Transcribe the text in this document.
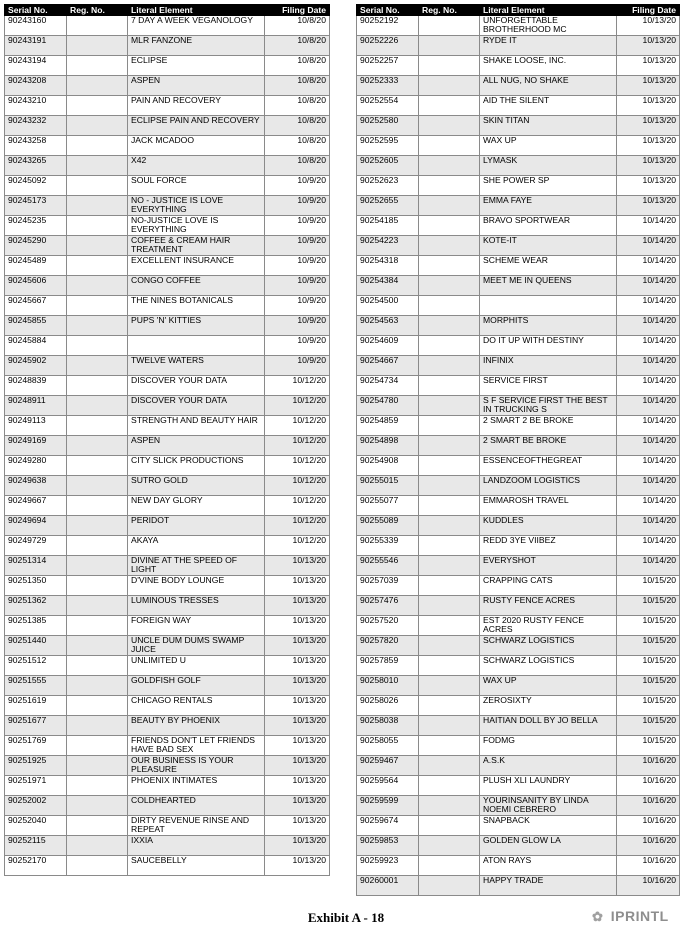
Serial No.	Reg. No.	Literal Element	Filing Date
90243160		7 DAY A WEEK VEGANOLOGY	10/8/20
90243191		MLR FANZONE	10/8/20
90243194		ECLIPSE	10/8/20
90243208		ASPEN	10/8/20
90243210		PAIN AND RECOVERY	10/8/20
90243232		ECLIPSE PAIN AND RECOVERY	10/8/20
90243258		JACK MCADOO	10/8/20
90243265		X42	10/8/20
90245092		SOUL FORCE	10/9/20
90245173		NO - JUSTICE IS LOVE EVERYTHING	10/9/20
90245235		NO-JUSTICE LOVE IS EVERYTHING	10/9/20
90245290		COFFEE & CREAM HAIR TREATMENT	10/9/20
90245489		EXCELLENT INSURANCE	10/9/20
90245606		CONGO COFFEE	10/9/20
90245667		THE NINES BOTANICALS	10/9/20
90245855		PUPS 'N' KITTIES	10/9/20
90245884			10/9/20
90245902		TWELVE WATERS	10/9/20
90248839		DISCOVER YOUR DATA	10/12/20
90248911		DISCOVER YOUR DATA	10/12/20
90249113		STRENGTH AND BEAUTY HAIR	10/12/20
90249169		ASPEN	10/12/20
90249280		CITY SLICK PRODUCTIONS	10/12/20
90249638		SUTRO GOLD	10/12/20
90249667		NEW DAY GLORY	10/12/20
90249694		PERIDOT	10/12/20
90249729		AKAYA	10/12/20
90251314		DIVINE AT THE SPEED OF LIGHT	10/13/20
90251350		D'VINE BODY LOUNGE	10/13/20
90251362		LUMINOUS TRESSES	10/13/20
90251385		FOREIGN WAY	10/13/20
90251440		UNCLE DUM DUMS SWAMP JUICE	10/13/20
90251512		UNLIMITED U	10/13/20
90251555		GOLDFISH GOLF	10/13/20
90251619		CHICAGO RENTALS	10/13/20
90251677		BEAUTY BY PHOENIX	10/13/20
90251769		FRIENDS DON'T LET FRIENDS HAVE BAD SEX	10/13/20
90251925		OUR BUSINESS IS YOUR PLEASURE	10/13/20
90251971		PHOENIX INTIMATES	10/13/20
90252002		COLDHEARTED	10/13/20
90252040		DIRTY REVENUE RINSE AND REPEAT	10/13/20
90252115		IXXIA	10/13/20
90252170		SAUCEBELLY	10/13/20
Serial No.	Reg. No.	Literal Element	Filing Date
90252192		UNFORGETTABLE BROTHERHOOD MC	10/13/20
90252226		RYDE IT	10/13/20
90252257		SHAKE LOOSE, INC.	10/13/20
90252333		ALL NUG, NO SHAKE	10/13/20
90252554		AID THE SILENT	10/13/20
90252580		SKIN TITAN	10/13/20
90252595		WAX UP	10/13/20
90252605		LYMASK	10/13/20
90252623		SHE POWER SP	10/13/20
90252655		EMMA FAYE	10/13/20
90254185		BRAVO SPORTWEAR	10/14/20
90254223		KOTE-IT	10/14/20
90254318		SCHEME WEAR	10/14/20
90254384		MEET ME IN QUEENS	10/14/20
90254500			10/14/20
90254563		MORPHITS	10/14/20
90254609		DO IT UP WITH DESTINY	10/14/20
90254667		INFINIX	10/14/20
90254734		SERVICE FIRST	10/14/20
90254780		S F SERVICE FIRST THE BEST IN TRUCKING S	10/14/20
90254859		2 SMART 2 BE BROKE	10/14/20
90254898		2 SMART BE BROKE	10/14/20
90254908		ESSENCEOFTHEGREAT	10/14/20
90255015		LANDZOOM LOGISTICS	10/14/20
90255077		EMMAROSH TRAVEL	10/14/20
90255089		KUDDLES	10/14/20
90255339		REDD 3YE VIIBEZ	10/14/20
90255546		EVERYSHOT	10/14/20
90257039		CRAPPING CATS	10/15/20
90257476		RUSTY FENCE ACRES	10/15/20
90257520		EST 2020 RUSTY FENCE ACRES	10/15/20
90257820		SCHWARZ LOGISTICS	10/15/20
90257859		SCHWARZ LOGISTICS	10/15/20
90258010		WAX UP	10/15/20
90258026		ZEROSIXTY	10/15/20
90258038		HAITIAN DOLL BY JO BELLA	10/15/20
90258055		FODMG	10/15/20
90259467		A.S.K	10/16/20
90259564		PLUSH XLI LAUNDRY	10/16/20
90259599		YOURINSANITY BY LINDA NOEMI CEBRERO	10/16/20
90259674		SNAPBACK	10/16/20
90259853		GOLDEN GLOW LA	10/16/20
90259923		ATON RAYS	10/16/20
90260001		HAPPY TRADE	10/16/20
Exhibit A - 18	✿ IPRINTL
